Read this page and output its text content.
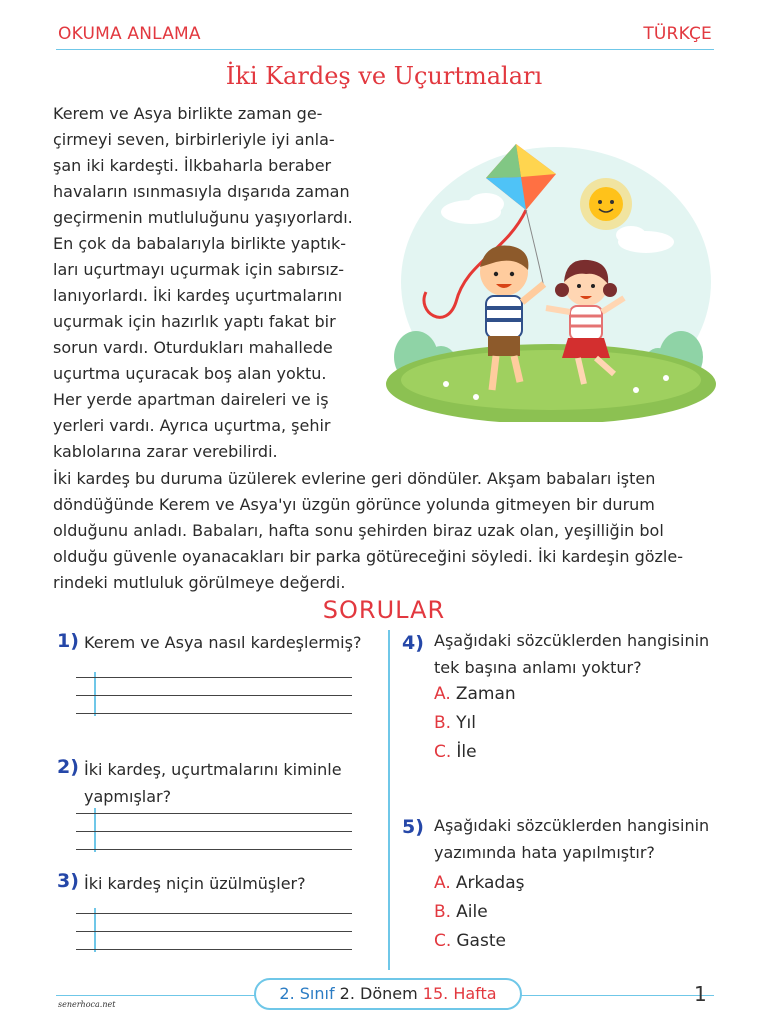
OKUMA ANLAMA	TÜRKÇE
İki Kardeş ve Uçurtmaları
Kerem ve Asya birlikte zaman ge-
çirmeyi seven, birbirleriyle iyi anla-
şan iki kardeşti. İlkbaharla beraber
havaların ısınmasıyla dışarıda zaman
geçirmenin mutluluğunu yaşıyorlardı.
En çok da babalarıyla birlikte yaptık-
ları uçurtmayı uçurmak için sabırsız-
lanıyorlardı. İki kardeş uçurtmalarını
uçurmak için hazırlık yaptı fakat bir
sorun vardı. Oturdukları mahallede
uçurtma uçuracak boş alan yoktu.
Her yerde apartman daireleri ve iş
yerleri vardı. Ayrıca uçurtma, şehir
kablolarına zarar verebilirdi.
İki kardeş bu duruma üzülerek evlerine geri döndüler. Akşam babaları işten
döndüğünde Kerem ve Asya'yı üzgün görünce yolunda gitmeyen bir durum
olduğunu anladı. Babaları, hafta sonu şehirden biraz uzak olan, yeşilliğin bol
olduğu güvenle oyanacakları bir parka götüreceğini söyledi. İki kardeşin gözle-
rindeki mutluluk görülmeye değerdi.
SORULAR
1) Kerem ve Asya nasıl kardeşlermiş?
2) İki kardeş, uçurtmalarını kiminle
yapmışlar?
3) İki kardeş niçin üzülmüşler?
4) Aşağıdaki sözcüklerden hangisinin
tek başına anlamı yoktur?
A. Zaman
B. Yıl
C. İle
5) Aşağıdaki sözcüklerden hangisinin
yazımında hata yapılmıştır?
A. Arkadaş
B. Aile
C. Gaste
2. Sınıf 2. Dönem 15. Hafta
senerhoca.net	1
